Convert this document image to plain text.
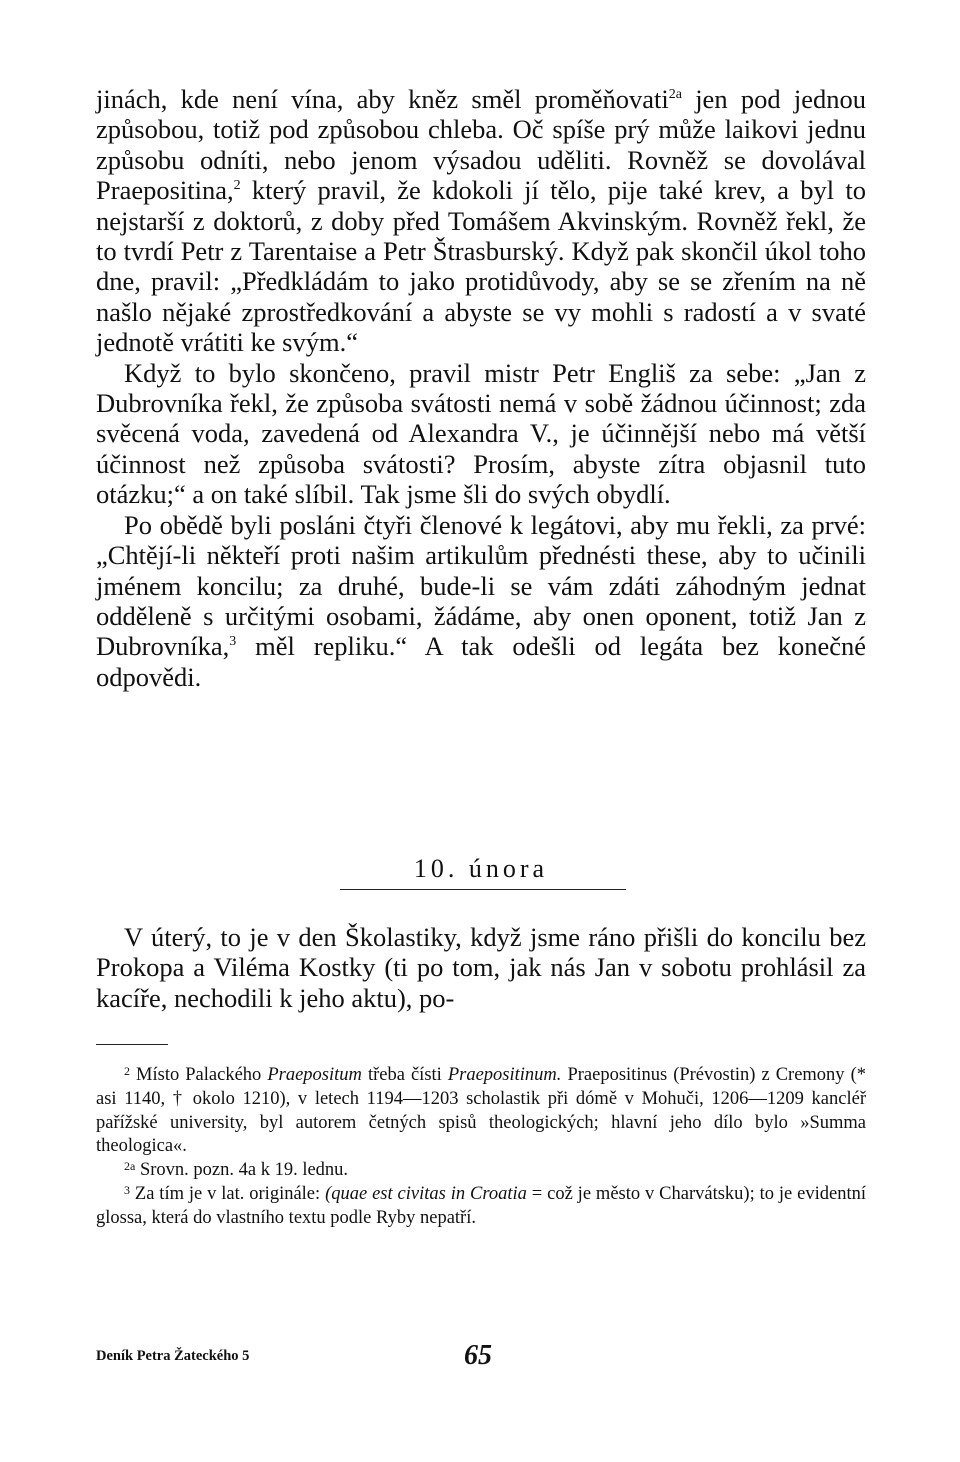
jinách, kde není vína, aby kněz směl proměňovati$^{2a}$ jen pod jednou způsobou, totiž pod způsobou chleba. Oč spíše prý může laikovi jednu způsobu odníti, nebo jenom výsadou uděliti. Rovněž se dovolával Praepositina,$^2$ který pravil, že kdokoli jí tělo, pije také krev, a byl to nejstarší z doktorů, z doby před Tomášem Akvinským. Rovněž řekl, že to tvrdí Petr z Tarentaise a Petr Štrasburský. Když pak skončil úkol toho dne, pravil: „Předkládám to jako protidůvody, aby se se zřením na ně našlo nějaké zprostředkování a abyste se vy mohli s radostí a v svaté jednotě vrátiti ke svým.“

Když to bylo skončeno, pravil mistr Petr Engliš za sebe: „Jan z Dubrovníka řekl, že způsoba svátosti nemá v sobě žádnou účinnost; zda svěcená voda, zavedená od Alexandra V., je účinnější nebo má větší účinnost než způsoba svátosti? Prosím, abyste zítra objasnil tuto otázku;“ a on také slíbil. Tak jsme šli do svých obydlí.

Po obědě byli posláni čtyři členové k legátovi, aby mu řekli, za prvé: „Chtějí-li někteří proti našim artikulům přednésti these, aby to učinili jménem koncilu; za druhé, bude-li se vám zdáti záhodným jednat odděleně s určitými osobami, žádáme, aby onen oponent, totiž Jan z Dubrovníka,$^3$ měl repliku.“ A tak odešli od legáta bez konečné odpovědi.

10. února

V úterý, to je v den Školastiky, když jsme ráno přišli do koncilu bez Prokopa a Viléma Kostky (ti po tom, jak nás Jan v sobotu prohlásil za kacíře, nechodili k jeho aktu), po-

$^2$ Místo Palackého Praepositum třeba čísti Praepositinum. Praepositinus (Prévostin) z Cremony (* asi 1140, † okolo 1210), v letech 1194—1203 scholastik při dómě v Mohuči, 1206—1209 kancléř pařížské university, byl autorem četných spisů theologických; hlavní jeho dílo bylo »Summa theologica«.

$^{2a}$ Srovn. pozn. 4a k 19. lednu.

$^3$ Za tím je v lat. originále: (quae est civitas in Croatia = což je město v Charvátsku); to je evidentní glossa, která do vlastního textu podle Ryby nepatří.

Deník Petra Žateckého 5	65
